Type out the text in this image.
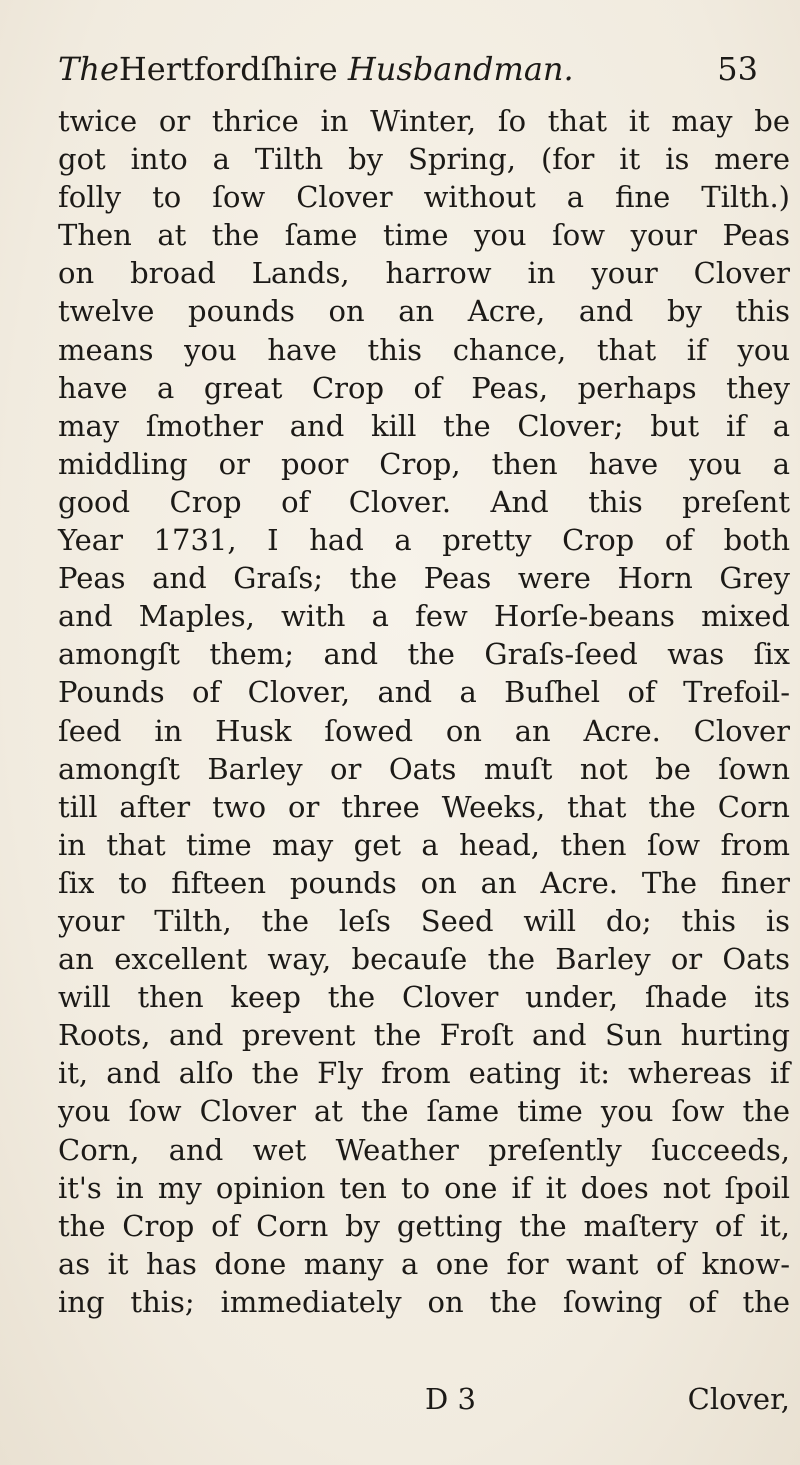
TheHertfordſhire Husbandman.	53
twice or thrice in Winter, ſo that it may be
got into a Tilth by Spring, (for it is mere
folly to ſow Clover without a fine Tilth.)
Then at the ſame time you ſow your Peas
on broad Lands, harrow in your Clover
twelve pounds on an Acre, and by this
means you have this chance, that if you
have a great Crop of Peas, perhaps they
may ſmother and kill the Clover; but if a
middling or poor Crop, then have you a
good Crop of Clover. And this preſent
Year 1731, I had a pretty Crop of both
Peas and Graſs; the Peas were Horn Grey
and Maples, with a few Horſe-beans mixed
amongſt them; and the Graſs-ſeed was ſix
Pounds of Clover, and a Buſhel of Trefoil-
ſeed in Husk ſowed on an Acre. Clover
amongſt Barley or Oats muſt not be ſown
till after two or three Weeks, that the Corn
in that time may get a head, then ſow from
ſix to fifteen pounds on an Acre. The finer
your Tilth, the leſs Seed will do; this is
an excellent way, becauſe the Barley or Oats
will then keep the Clover under, ſhade its
Roots, and prevent the Froſt and Sun hurting
it, and alſo the Fly from eating it: whereas if
you ſow Clover at the ſame time you ſow the
Corn, and wet Weather preſently ſucceeds,
it's in my opinion ten to one if it does not ſpoil
the Crop of Corn by getting the maſtery of it,
as it has done many a one for want of know-
ing this; immediately on the ſowing of the
D 3	Clover,
